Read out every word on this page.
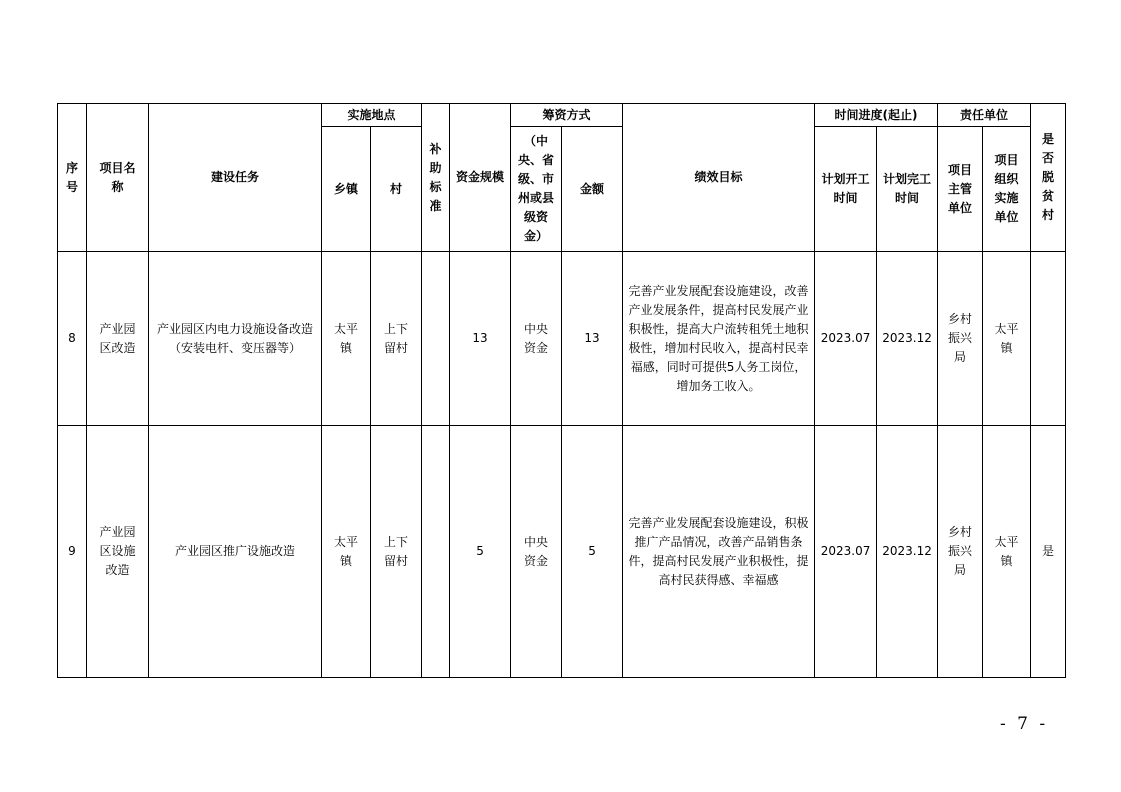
序号	项目名称	建设任务	实施地点		补助标准	资金规模	筹资方式		绩效目标	时间进度(起止)		责任单位		是否脱贫村
			乡镇	村			（中央、省级、市州或县级资金）	金额		计划开工时间	计划完工时间	项目主管单位	项目组织实施单位	
8	产业园区改造	产业园区内电力设施设备改造（安装电杆、变压器等）	太平镇	上下留村		13	中央资金	13	完善产业发展配套设施建设，改善产业发展条件，提高村民发展产业积极性，提高大户流转租凭土地积极性，增加村民收入，提高村民幸福感，同时可提供5人务工岗位，增加务工收入。	2023.07	2023.12	乡村振兴局	太平镇	
9	产业园区设施改造	产业园区推广设施改造	太平镇	上下留村		5	中央资金	5	完善产业发展配套设施建设，积极推广产品情况，改善产品销售条件，提高村民发展产业积极性，提高村民获得感、幸福感	2023.07	2023.12	乡村振兴局	太平镇	是
- 7 -
